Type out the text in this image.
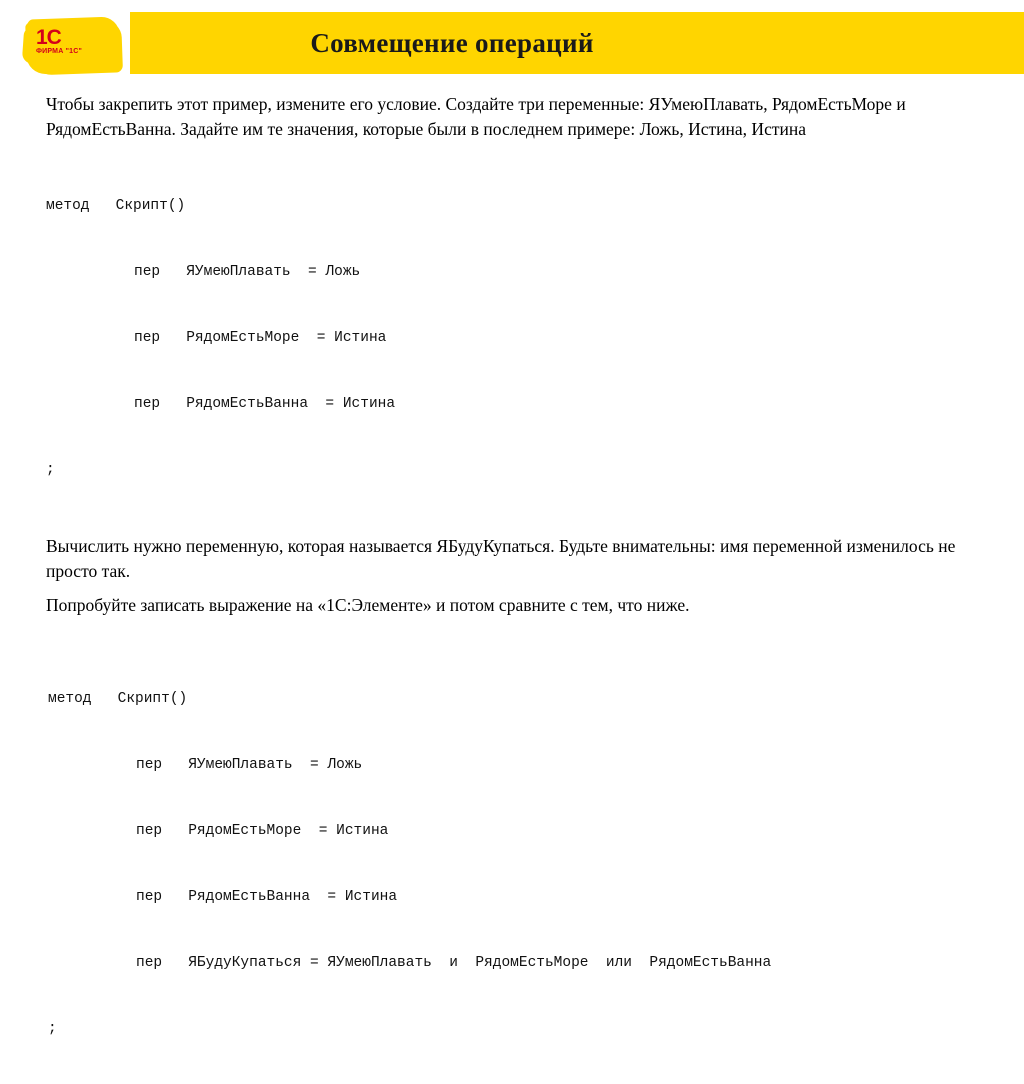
1C
ФИРМА "1С"	Совмещение операций
Чтобы закрепить этот пример, измените его условие. Создайте три переменные: ЯУмеюПлавать, РядомЕстьМоре и РядомЕстьВанна. Задайте им те значения, которые были в последнем примере: Ложь, Истина, Истина

метод   Скрипт()

пер   ЯУмеюПлавать  = Ложь

пер   РядомЕстьМоре  = Истина

пер   РядомЕстьВанна  = Истина

;

Вычислить нужно переменную, которая называется ЯБудуКупаться. Будьте внимательны: имя переменной изменилось не просто так.
Попробуйте записать выражение на «1С:Элементе» и потом сравните с тем, что ниже.

метод   Скрипт()

пер   ЯУмеюПлавать  = Ложь

пер   РядомЕстьМоре  = Истина

пер   РядомЕстьВанна  = Истина

пер   ЯБудуКупаться = ЯУмеюПлавать  и  РядомЕстьМоре  или  РядомЕстьВанна

;
